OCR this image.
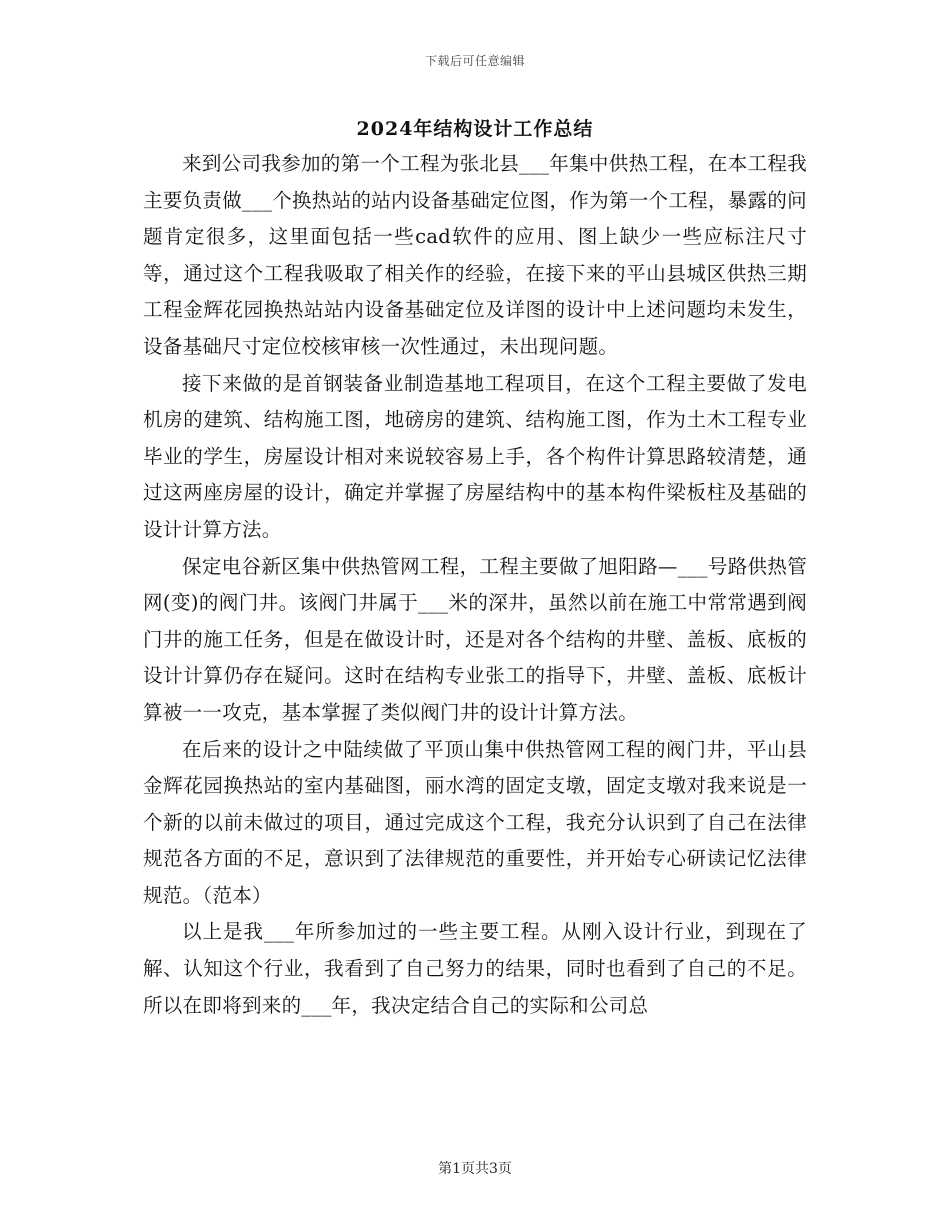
下载后可任意编辑
2024年结构设计工作总结

来到公司我参加的第一个工程为张北县___年集中供热工程，在本工程我主要负责做___个换热站的站内设备基础定位图，作为第一个工程，暴露的问题肯定很多，这里面包括一些cad软件的应用、图上缺少一些应标注尺寸等，通过这个工程我吸取了相关作的经验，在接下来的平山县城区供热三期工程金辉花园换热站站内设备基础定位及详图的设计中上述问题均未发生，设备基础尺寸定位校核审核一次性通过，未出现问题。

接下来做的是首钢装备业制造基地工程项目，在这个工程主要做了发电机房的建筑、结构施工图，地磅房的建筑、结构施工图，作为土木工程专业毕业的学生，房屋设计相对来说较容易上手，各个构件计算思路较清楚，通过这两座房屋的设计，确定并掌握了房屋结构中的基本构件梁板柱及基础的设计计算方法。

保定电谷新区集中供热管网工程，工程主要做了旭阳路—___号路供热管网(变)的阀门井。该阀门井属于___米的深井，虽然以前在施工中常常遇到阀门井的施工任务，但是在做设计时，还是对各个结构的井壁、盖板、底板的设计计算仍存在疑问。这时在结构专业张工的指导下，井壁、盖板、底板计算被一一攻克，基本掌握了类似阀门井的设计计算方法。

在后来的设计之中陆续做了平顶山集中供热管网工程的阀门井，平山县金辉花园换热站的室内基础图，丽水湾的固定支墩，固定支墩对我来说是一个新的以前未做过的项目，通过完成这个工程，我充分认识到了自己在法律规范各方面的不足，意识到了法律规范的重要性，并开始专心研读记忆法律规范。（范本）

以上是我___年所参加过的一些主要工程。从刚入设计行业，到现在了解、认知这个行业，我看到了自己努力的结果，同时也看到了自己的不足。所以在即将到来的___年，我决定结合自己的实际和公司总

第1页共3页
